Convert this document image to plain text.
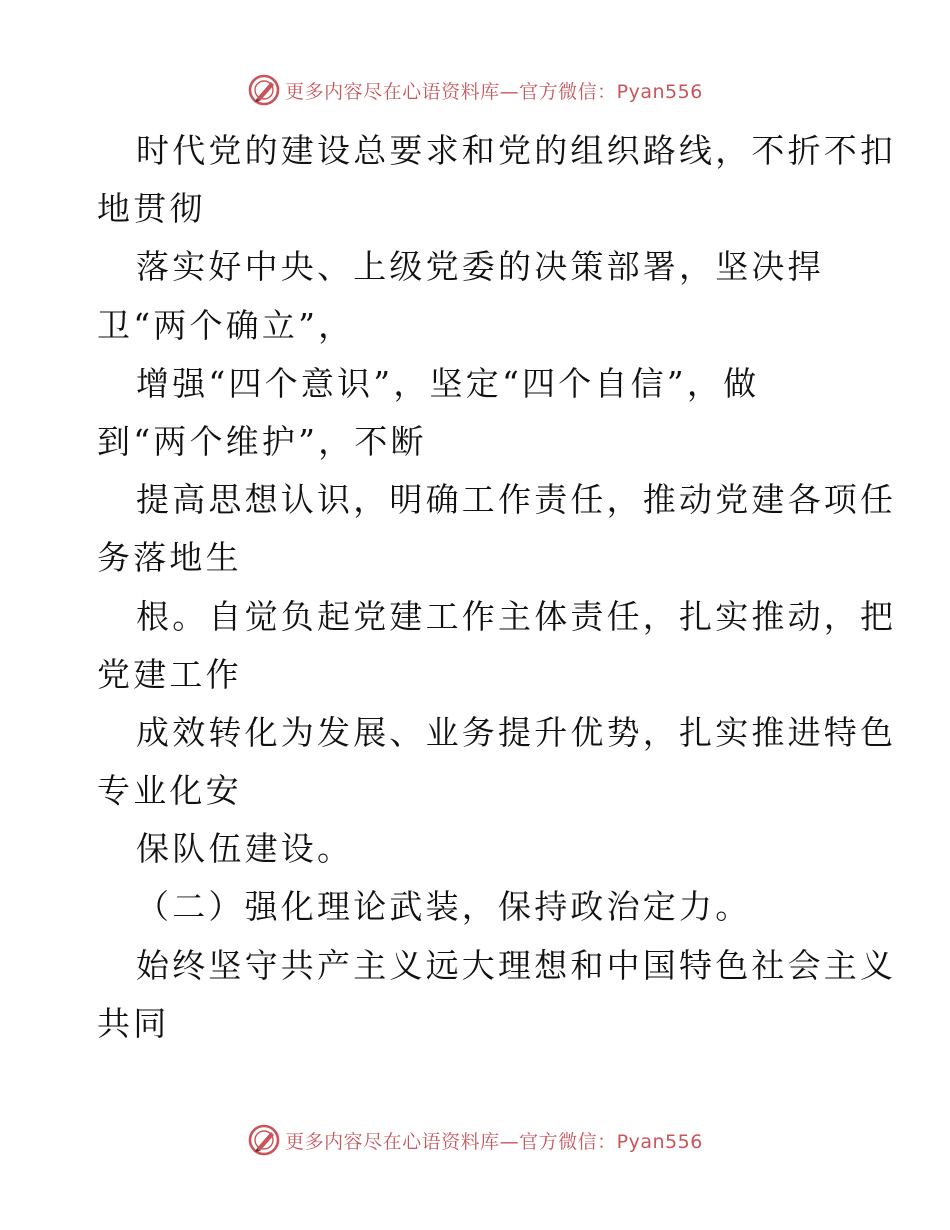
更多内容尽在心语资料库—官方微信：Pyan556
时代党的建设总要求和党的组织路线，不折不扣
地贯彻
落实好中央、上级党委的决策部署，坚决捍
卫“两个确立”，
增强“四个意识”，坚定“四个自信”，做
到“两个维护”，不断
提高思想认识，明确工作责任，推动党建各项任
务落地生
根。自觉负起党建工作主体责任，扎实推动，把
党建工作
成效转化为发展、业务提升优势，扎实推进特色
专业化安
保队伍建设。
（二）强化理论武装，保持政治定力。
始终坚守共产主义远大理想和中国特色社会主义
共同
更多内容尽在心语资料库—官方微信：Pyan556
